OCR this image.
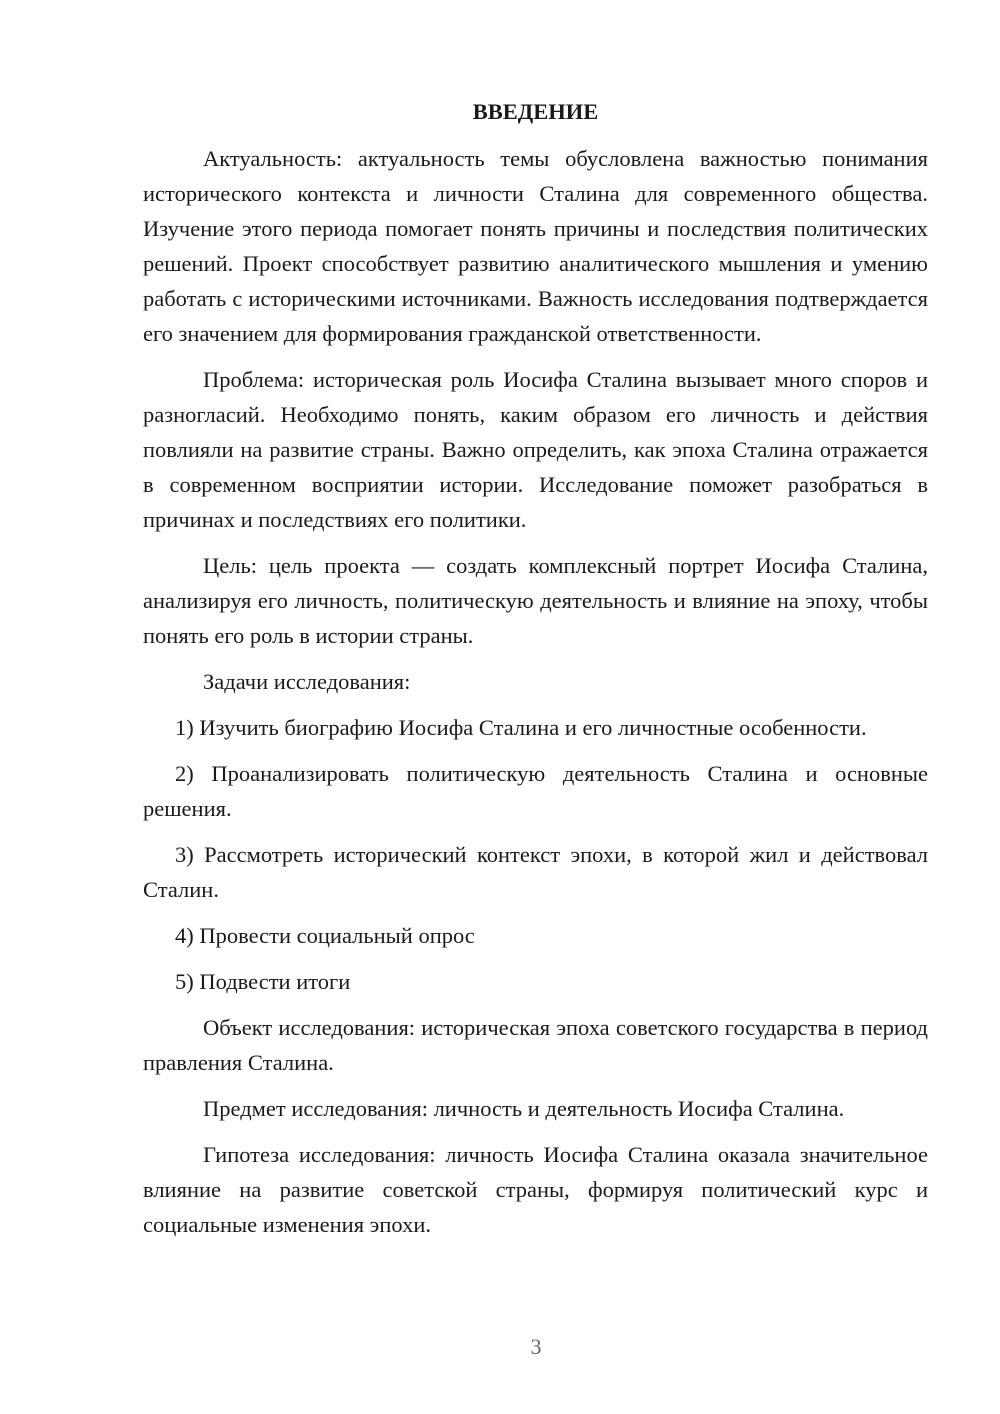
ВВЕДЕНИЕ

Актуальность: актуальность темы обусловлена важностью понимания исторического контекста и личности Сталина для современного общества. Изучение этого периода помогает понять причины и последствия политических решений. Проект способствует развитию аналитического мышления и умению работать с историческими источниками. Важность исследования подтверждается его значением для формирования гражданской ответственности.

Проблема: историческая роль Иосифа Сталина вызывает много споров и разногласий. Необходимо понять, каким образом его личность и действия повлияли на развитие страны. Важно определить, как эпоха Сталина отражается в современном восприятии истории. Исследование поможет разобраться в причинах и последствиях его политики.

Цель: цель проекта — создать комплексный портрет Иосифа Сталина, анализируя его личность, политическую деятельность и влияние на эпоху, чтобы понять его роль в истории страны.

Задачи исследования:

1) Изучить биографию Иосифа Сталина и его личностные особенности.

2) Проанализировать политическую деятельность Сталина и основные решения.

3) Рассмотреть исторический контекст эпохи, в которой жил и действовал Сталин.

4) Провести социальный опрос

5) Подвести итоги

Объект исследования: историческая эпоха советского государства в период правления Сталина.

Предмет исследования: личность и деятельность Иосифа Сталина.

Гипотеза исследования: личность Иосифа Сталина оказала значительное влияние на развитие советской страны, формируя политический курс и социальные изменения эпохи.

3
